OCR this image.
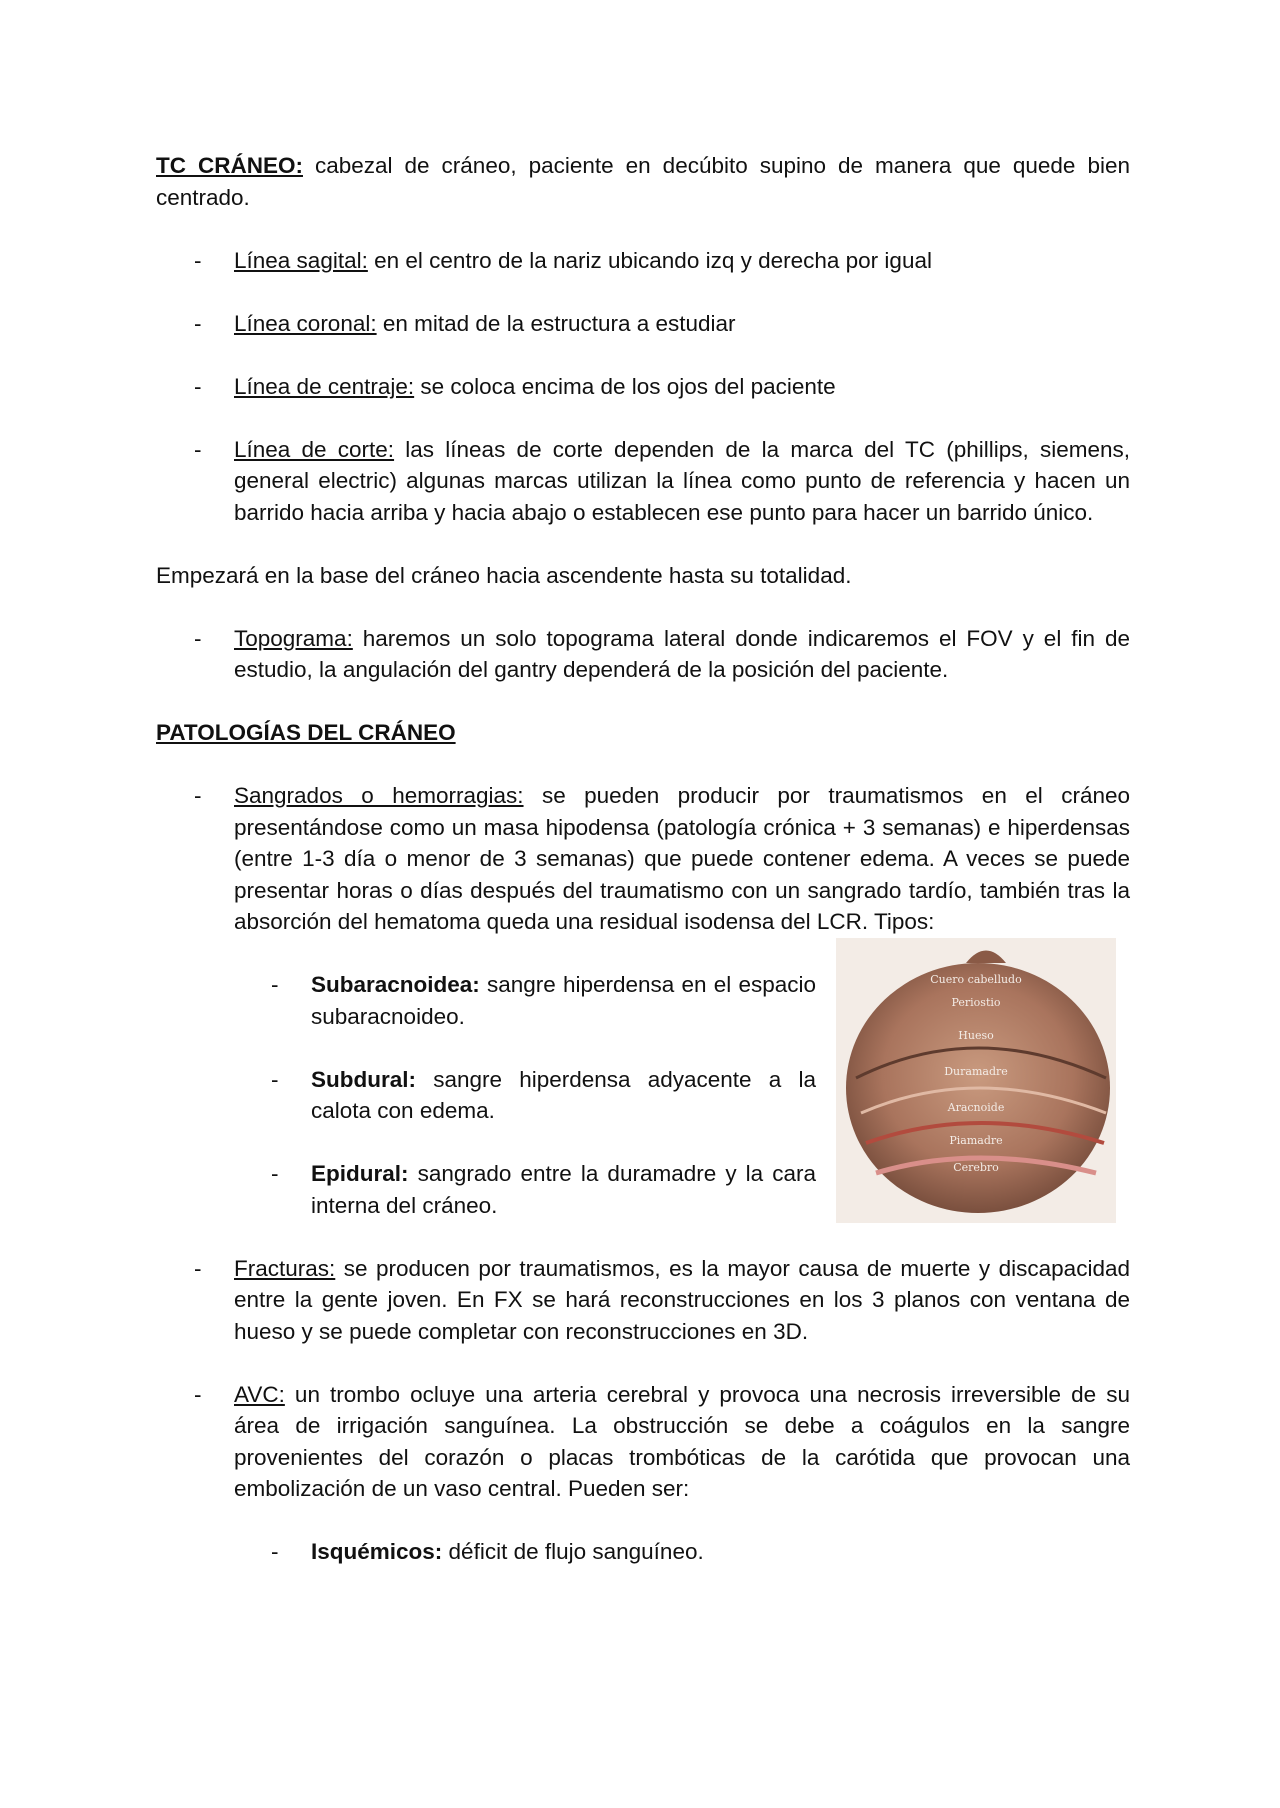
TC CRÁNEO: cabezal de cráneo, paciente en decúbito supino de manera que quede bien centrado.

- Línea sagital: en el centro de la nariz ubicando izq y derecha por igual
- Línea coronal: en mitad de la estructura a estudiar
- Línea de centraje: se coloca encima de los ojos del paciente
- Línea de corte: las líneas de corte dependen de la marca del TC (phillips, siemens, general electric) algunas marcas utilizan la línea como punto de referencia y hacen un barrido hacia arriba y hacia abajo o establecen ese punto para hacer un barrido único.

Empezará en la base del cráneo hacia ascendente hasta su totalidad.

- Topograma: haremos un solo topograma lateral donde indicaremos el FOV y el fin de estudio, la angulación del gantry dependerá de la posición del paciente.

PATOLOGÍAS DEL CRÁNEO

- Sangrados o hemorragias: se pueden producir por traumatismos en el cráneo presentándose como un masa hipodensa (patología crónica + 3 semanas) e hiperdensas (entre 1-3 día o menor de 3 semanas) que puede contener edema. A veces se puede presentar horas o días después del traumatismo con un sangrado tardío, también tras la absorción del hematoma queda una residual isodensa del LCR. Tipos:
Cuero cabelludo
Periostio
Hueso
Duramadre
Aracnoide
Piamadre
Cerebro
- Subaracnoidea: sangre hiperdensa en el espacio subaracnoideo.
- Subdural: sangre hiperdensa adyacente a la calota con edema.
- Epidural: sangrado entre la duramadre y la cara interna del cráneo.
- Fracturas: se producen por traumatismos, es la mayor causa de muerte y discapacidad entre la gente joven. En FX se hará reconstrucciones en los 3 planos con ventana de hueso y se puede completar con reconstrucciones en 3D.
- AVC: un trombo ocluye una arteria cerebral y provoca una necrosis irreversible de su área de irrigación sanguínea. La obstrucción se debe a coágulos en la sangre provenientes del corazón o placas trombóticas de la carótida que provocan una embolización de un vaso central. Pueden ser:
- Isquémicos: déficit de flujo sanguíneo.
